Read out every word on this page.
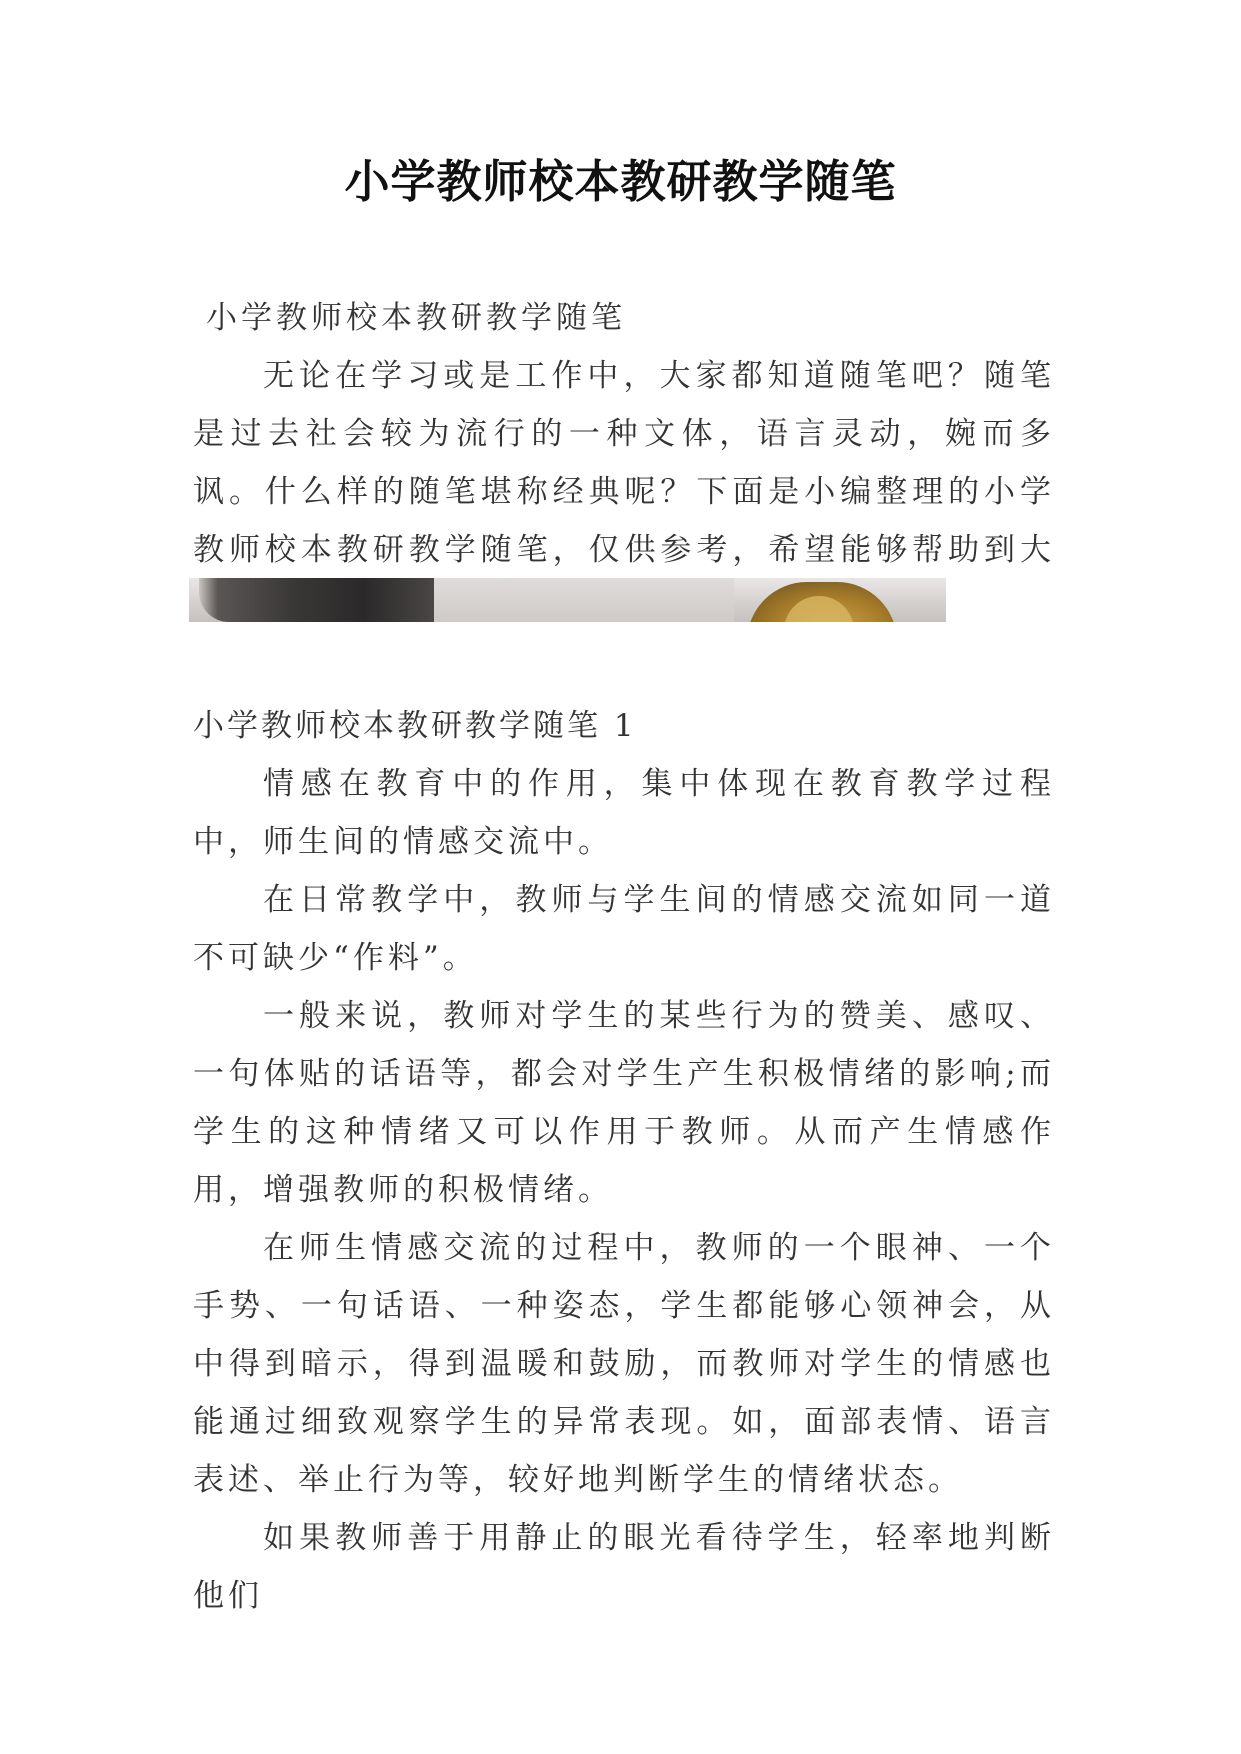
小学教师校本教研教学随笔

小学教师校本教研教学随笔

无论在学习或是工作中，大家都知道随笔吧？随笔是过去社会较为流行的一种文体，语言灵动，婉而多讽。什么样的随笔堪称经典呢？下面是小编整理的小学教师校本教研教学随笔，仅供参考，希望能够帮助到大

小学教师校本教研教学随笔 1

情感在教育中的作用，集中体现在教育教学过程中，师生间的情感交流中。

在日常教学中，教师与学生间的情感交流如同一道不可缺少“作料”。

一般来说，教师对学生的某些行为的赞美、感叹、一句体贴的话语等，都会对学生产生积极情绪的影响;而学生的这种情绪又可以作用于教师。从而产生情感作用，增强教师的积极情绪。

在师生情感交流的过程中，教师的一个眼神、一个手势、一句话语、一种姿态，学生都能够心领神会，从中得到暗示，得到温暖和鼓励，而教师对学生的情感也能通过细致观察学生的异常表现。如，面部表情、语言表述、举止行为等，较好地判断学生的情绪状态。

如果教师善于用静止的眼光看待学生，轻率地判断他们
